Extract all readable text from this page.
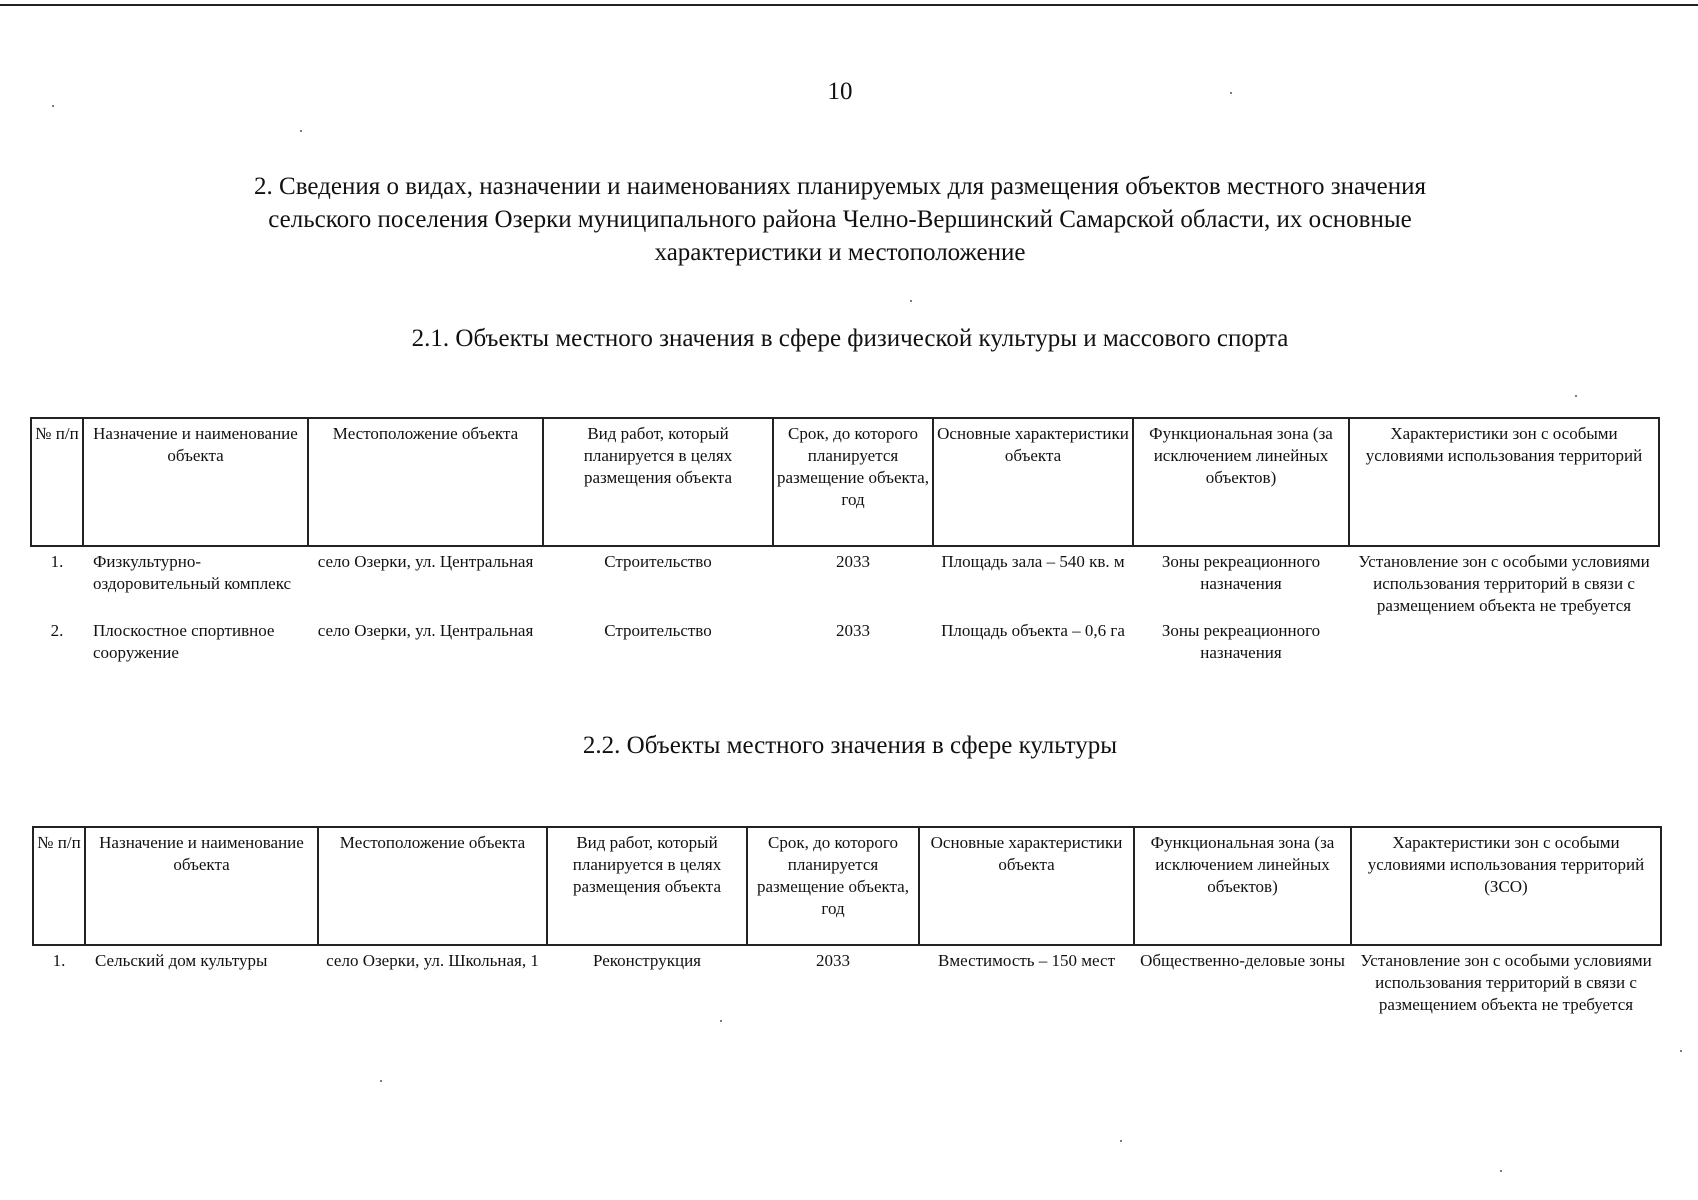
10
2. Сведения о видах, назначении и наименованиях планируемых для размещения объектов местного значения
сельского поселения Озерки муниципального района Челно-Вершинский Самарской области, их основные
характеристики и местоположение
2.1. Объекты местного значения в сфере физической культуры и массового спорта
№ п/п	Назначение и наименование объекта	Местоположение объекта	Вид работ, который планируется в целях размещения объекта	Срок, до которого планируется размещение объекта, год	Основные характеристики объекта	Функциональная зона (за исключением линейных объектов)	Характеристики зон с особыми условиями использования территорий
1.	Физкультурно-оздоровительный комплекс	село Озерки, ул. Центральная	Строительство	2033	Площадь зала – 540 кв. м	Зоны рекреационного назначения	Установление зон с особыми условиями использования территорий в связи с размещением объекта не требуется
2.	Плоскостное спортивное сооружение	село Озерки, ул. Центральная	Строительство	2033	Площадь объекта – 0,6 га	Зоны рекреационного назначения	
2.2. Объекты местного значения в сфере культуры
№ п/п	Назначение и наименование объекта	Местоположение объекта	Вид работ, который планируется в целях размещения объекта	Срок, до которого планируется размещение объекта, год	Основные характеристики объекта	Функциональная зона (за исключением линейных объектов)	Характеристики зон с особыми условиями использования территорий (ЗСО)
1.	Сельский дом культуры	село Озерки, ул. Школьная, 1	Реконструкция	2033	Вместимость – 150 мест	Общественно-деловые зоны	Установление зон с особыми условиями использования территорий в связи с размещением объекта не требуется
